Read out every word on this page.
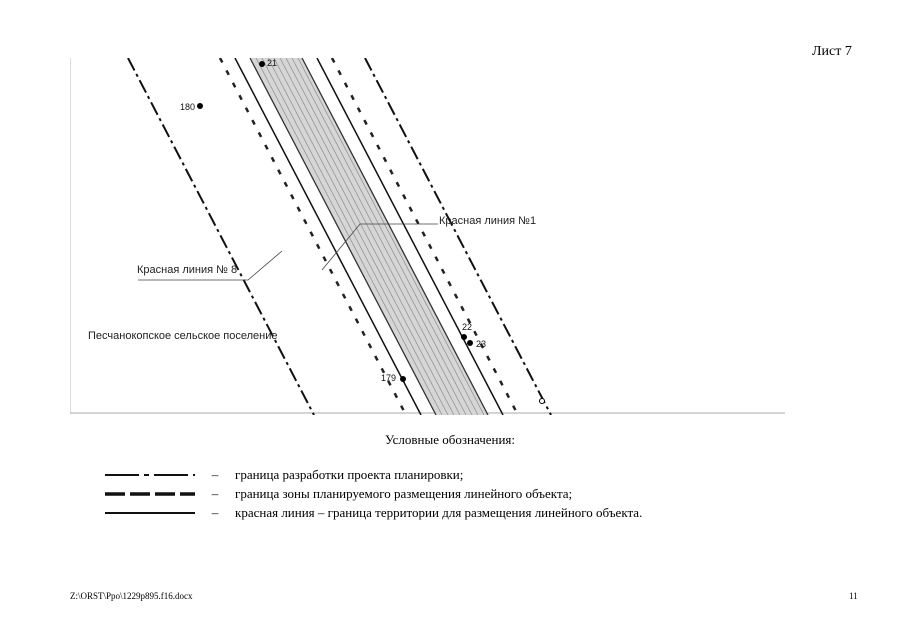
Лист 7
Красная линия №1
Красная линия № 8
Песчанокопское сельское поселение
21
180
22
23
179
Условные обозначения:
–	граница разработки проекта планировки;
–	граница зоны планируемого размещения линейного объекта;
–	красная линия – граница территории для размещения линейного объекта.
Z:\ORST\Ppo\1229p895.f16.docx	11
